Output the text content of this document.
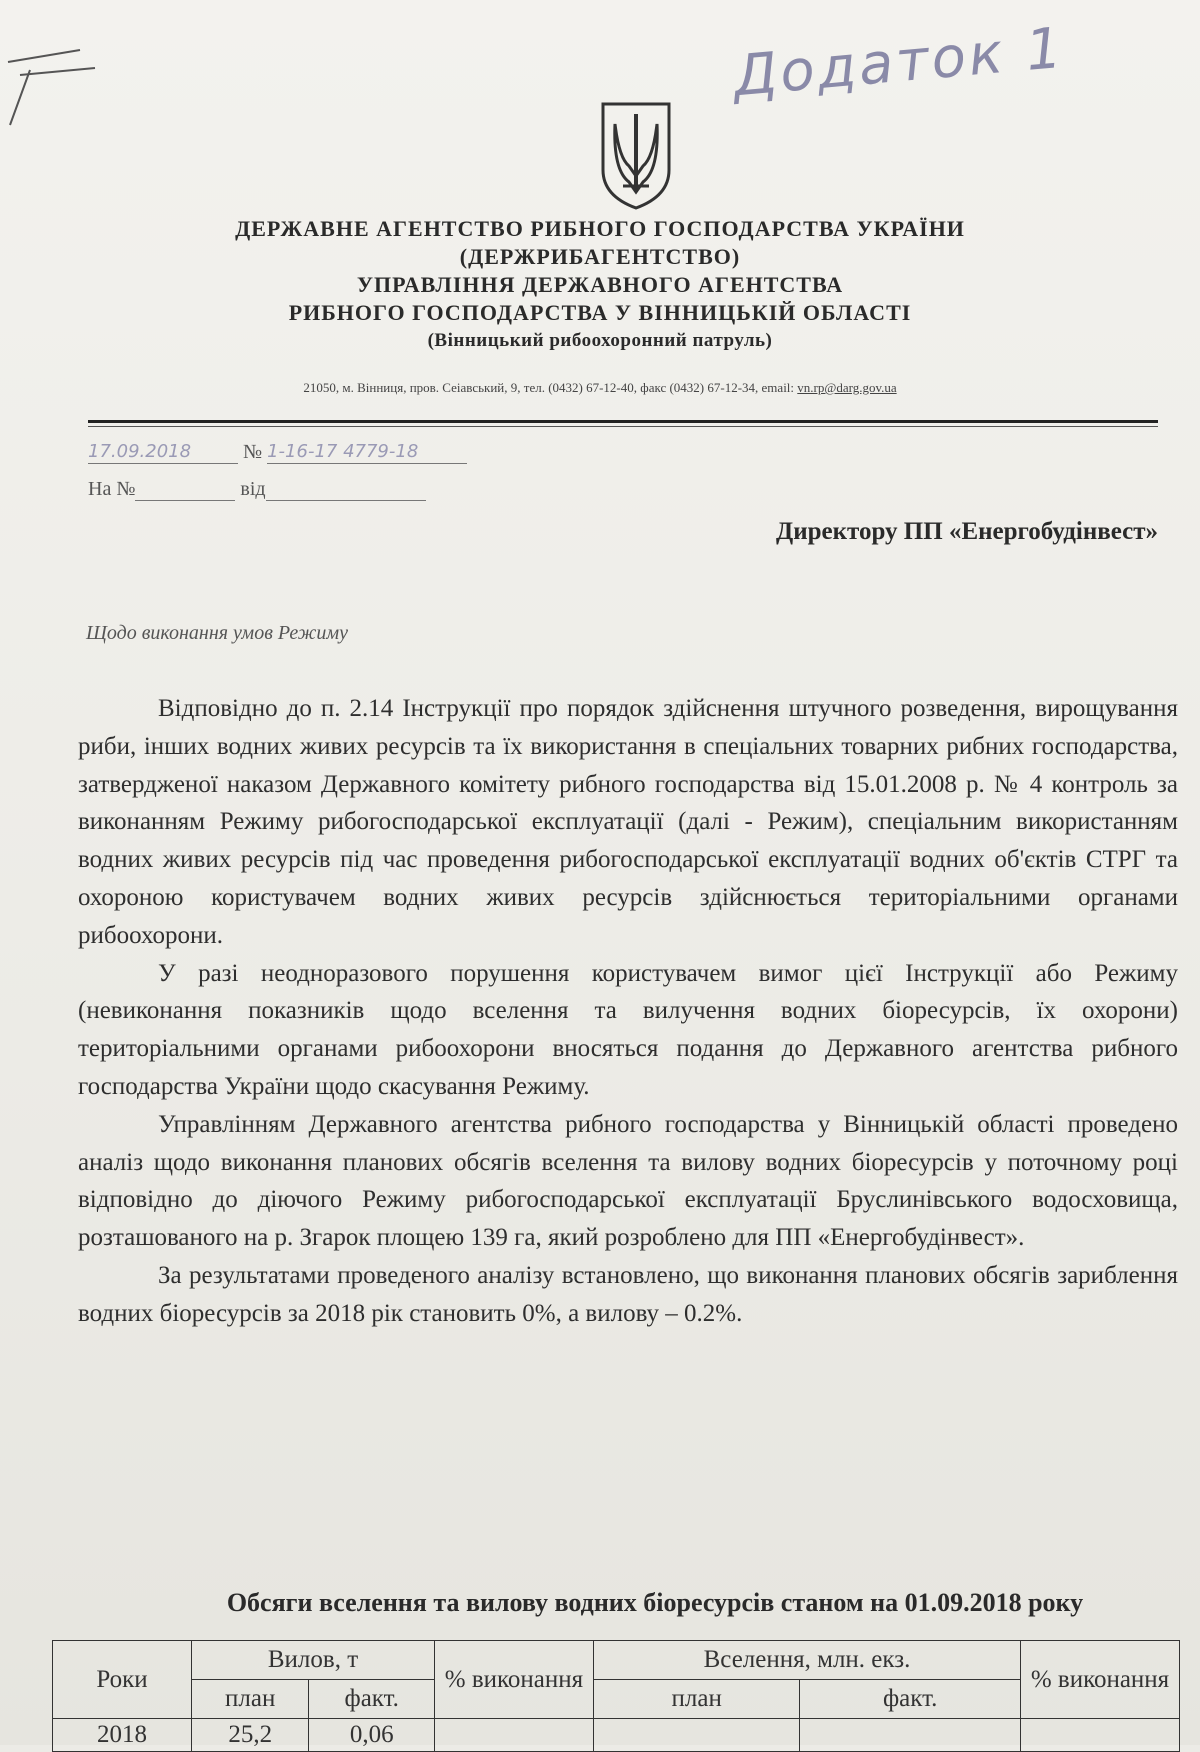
Додаток 1
ДЕРЖАВНЕ АГЕНТСТВО РИБНОГО ГОСПОДАРСТВА УКРАЇНИ
(ДЕРЖРИБАГЕНТСТВО)
УПРАВЛІННЯ ДЕРЖАВНОГО АГЕНТСТВА
РИБНОГО ГОСПОДАРСТВА У ВІННИЦЬКІЙ ОБЛАСТІ
(Вінницький рибоохоронний патруль)
21050, м. Вінниця, пров. Сеіавський, 9, тел. (0432) 67-12-40, факс (0432) 67-12-34, email: vn.rp@darg.gov.ua
17.09.2018	№ 1-16-17 4779-18
На №	від
Директору ПП «Енергобудінвест»
Щодо виконання умов Режиму

Відповідно до п. 2.14 Інструкції про порядок здійснення штучного розведення, вирощування риби, інших водних живих ресурсів та їх використання в спеціальних товарних рибних господарства, затвердженої наказом Державного комітету рибного господарства від 15.01.2008 р. № 4 контроль за виконанням Режиму рибогосподарської експлуатації (далі - Режим), спеціальним використанням водних живих ресурсів під час проведення рибогосподарської експлуатації водних об'єктів СТРГ та охороною користувачем водних живих ресурсів здійснюється територіальними органами рибоохорони.

У разі неодноразового порушення користувачем вимог цієї Інструкції або Режиму (невиконання показників щодо вселення та вилучення водних біоресурсів, їх охорони) територіальними органами рибоохорони вносяться подання до Державного агентства рибного господарства України щодо скасування Режиму.

Управлінням Державного агентства рибного господарства у Вінницькій області проведено аналіз щодо виконання планових обсягів вселення та вилову водних біоресурсів у поточному році відповідно до діючого Режиму рибогосподарської експлуатації Бруслинівського водосховища, розташованого на р. Згарок площею 139 га, який розроблено для ПП «Енергобудінвест».

За результатами проведеного аналізу встановлено, що виконання планових обсягів зариблення водних біоресурсів за 2018 рік становить 0%, а вилову – 0.2%.

Обсяги вселення та вилову водних біоресурсів станом на 01.09.2018 року
Роки	Вилов, т		% виконання	Вселення, млн. екз.		% виконання
	план	факт.		план	факт.	
2018	25,2	0,06				
